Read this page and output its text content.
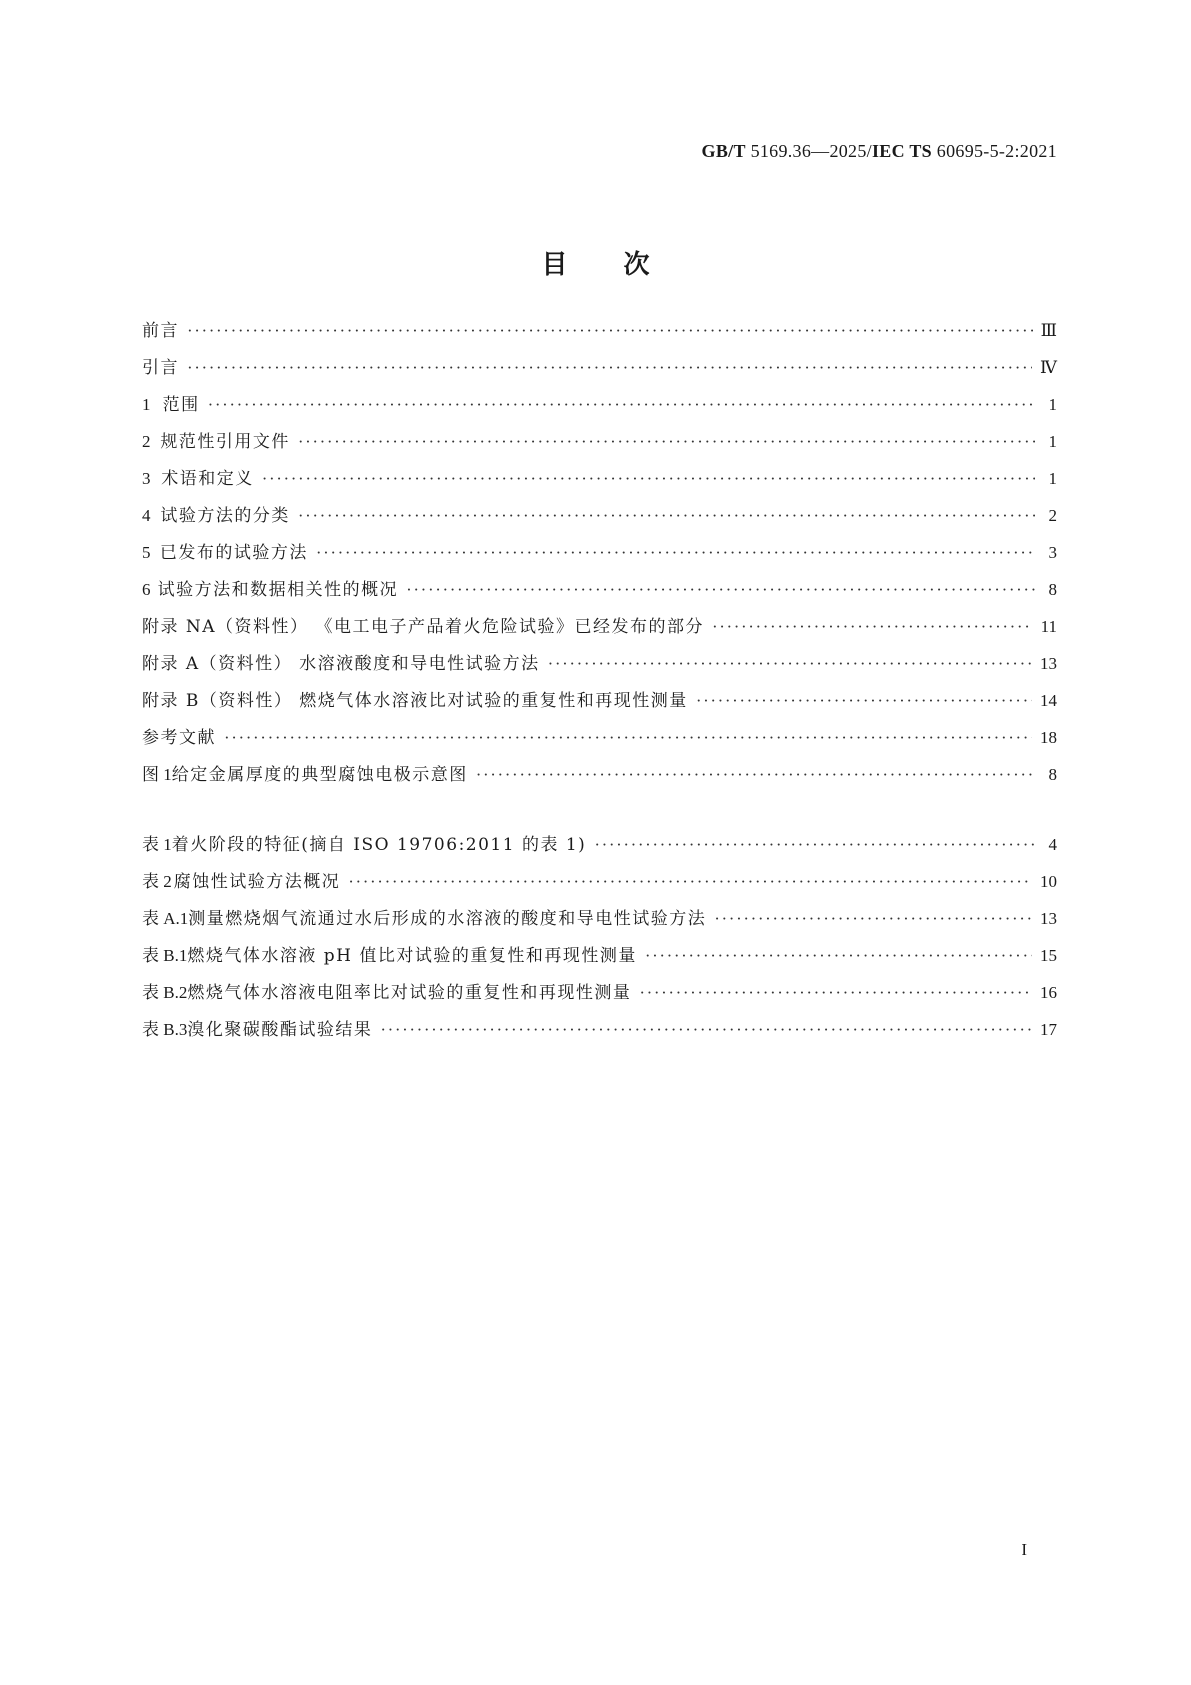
GB/T 5169.36—2025/IEC TS 60695-5-2:2021
目次
前言 ·····	Ⅲ
引言 ·····	Ⅳ
1 范围 ·····	1
2 规范性引用文件 ·····	1
3 术语和定义 ·····	1
4 试验方法的分类 ·····	2
5 已发布的试验方法 ·····	3
6 试验方法和数据相关性的概况 ·····	8
附录 NA（资料性） 《电工电子产品着火危险试验》已经发布的部分 ·····	11
附录 A（资料性） 水溶液酸度和导电性试验方法 ·····	13
附录 B（资料性） 燃烧气体水溶液比对试验的重复性和再现性测量 ·····	14
参考文献 ·····	18
图 1 给定金属厚度的典型腐蚀电极示意图 ·····	8
表 1 着火阶段的特征(摘自 ISO 19706:2011 的表 1) ·····	4
表 2 腐蚀性试验方法概况 ·····	10
表 A.1 测量燃烧烟气流通过水后形成的水溶液的酸度和导电性试验方法 ·····	13
表 B.1 燃烧气体水溶液 pH 值比对试验的重复性和再现性测量 ·····	15
表 B.2 燃烧气体水溶液电阻率比对试验的重复性和再现性测量 ·····	16
表 B.3 溴化聚碳酸酯试验结果 ·····	17
I
